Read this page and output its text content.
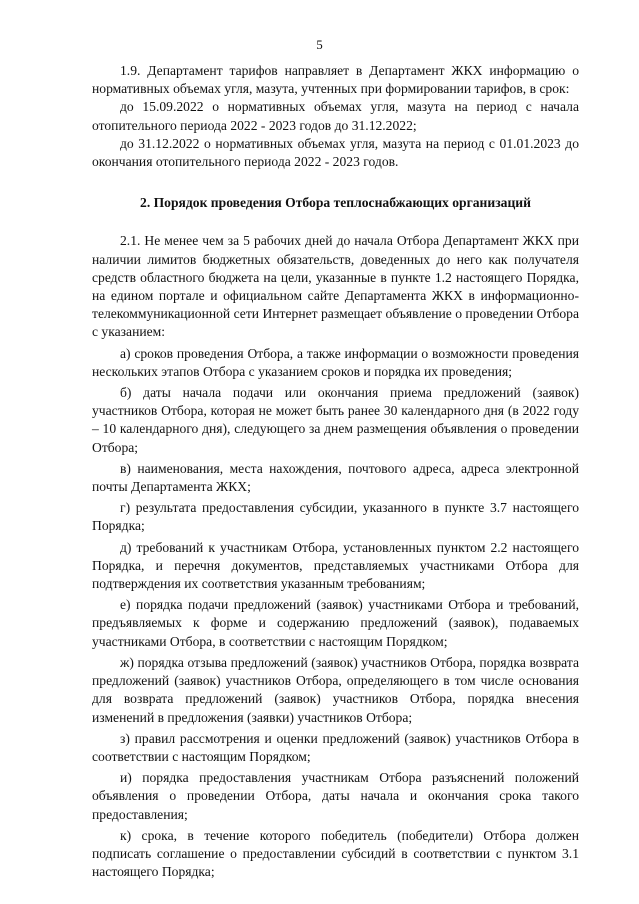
5

1.9. Департамент тарифов направляет в Департамент ЖКХ информацию о нормативных объемах угля, мазута, учтенных при формировании тарифов, в срок:

до 15.09.2022 о нормативных объемах угля, мазута на период с начала отопительного периода 2022 - 2023 годов до 31.12.2022;

до 31.12.2022 о нормативных объемах угля, мазута на период с 01.01.2023 до окончания отопительного периода 2022 - 2023 годов.

2. Порядок проведения Отбора теплоснабжающих организаций

2.1. Не менее чем за 5 рабочих дней до начала Отбора Департамент ЖКХ при наличии лимитов бюджетных обязательств, доведенных до него как получателя средств областного бюджета на цели, указанные в пункте 1.2 настоящего Порядка, на едином портале и официальном сайте Департамента ЖКХ в информационно-телекоммуникационной сети Интернет размещает объявление о проведении Отбора с указанием:

а) сроков проведения Отбора, а также информации о возможности проведения нескольких этапов Отбора с указанием сроков и порядка их проведения;

б) даты начала подачи или окончания приема предложений (заявок) участников Отбора, которая не может быть ранее 30 календарного дня (в 2022 году – 10 календарного дня), следующего за днем размещения объявления о проведении Отбора;

в) наименования, места нахождения, почтового адреса, адреса электронной почты Департамента ЖКХ;

г) результата предоставления субсидии, указанного в пункте 3.7 настоящего Порядка;

д) требований к участникам Отбора, установленных пунктом 2.2 настоящего Порядка, и перечня документов, представляемых участниками Отбора для подтверждения их соответствия указанным требованиям;

е) порядка подачи предложений (заявок) участниками Отбора и требований, предъявляемых к форме и содержанию предложений (заявок), подаваемых участниками Отбора, в соответствии с настоящим Порядком;

ж) порядка отзыва предложений (заявок) участников Отбора, порядка возврата предложений (заявок) участников Отбора, определяющего в том числе основания для возврата предложений (заявок) участников Отбора, порядка внесения изменений в предложения (заявки) участников Отбора;

з) правил рассмотрения и оценки предложений (заявок) участников Отбора в соответствии с настоящим Порядком;

и) порядка предоставления участникам Отбора разъяснений положений объявления о проведении Отбора, даты начала и окончания срока такого предоставления;

к) срока, в течение которого победитель (победители) Отбора должен подписать соглашение о предоставлении субсидий в соответствии с пунктом 3.1 настоящего Порядка;
